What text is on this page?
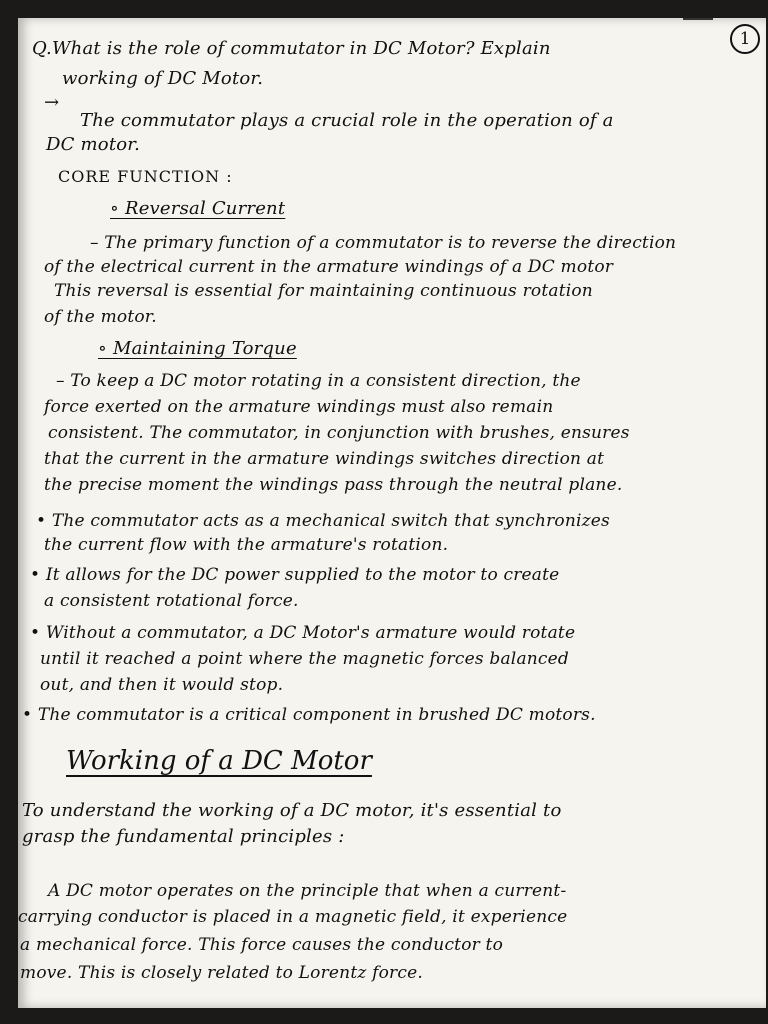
1
Q.What is the role of commutator in DC Motor? Explain
working of DC Motor.
→
The commutator plays a crucial role in the operation of a
DC motor.
CORE FUNCTION :
∘ Reversal Current
– The primary function of a commutator is to reverse the direction
of the electrical current in the armature windings of a DC motor
This reversal is essential for maintaining continuous rotation
of the motor.
∘ Maintaining Torque
– To keep a DC motor rotating in a consistent direction, the
force exerted on the armature windings must also remain
consistent. The commutator, in conjunction with brushes, ensures
that the current in the armature windings switches direction at
the precise moment the windings pass through the neutral plane.
• The commutator acts as a mechanical switch that synchronizes
the current flow with the armature's rotation.
• It allows for the DC power supplied to the motor to create
a consistent rotational force.
• Without a commutator, a DC Motor's armature would rotate
until it reached a point where the magnetic forces balanced
out, and then it would stop.
• The commutator is a critical component in brushed DC motors.
Working of a DC Motor
To understand the working of a DC motor, it's essential to
grasp the fundamental principles :
A DC motor operates on the principle that when a current-
carrying conductor is placed in a magnetic field, it experience
a mechanical force. This force causes the conductor to
move. This is closely related to Lorentz force.
